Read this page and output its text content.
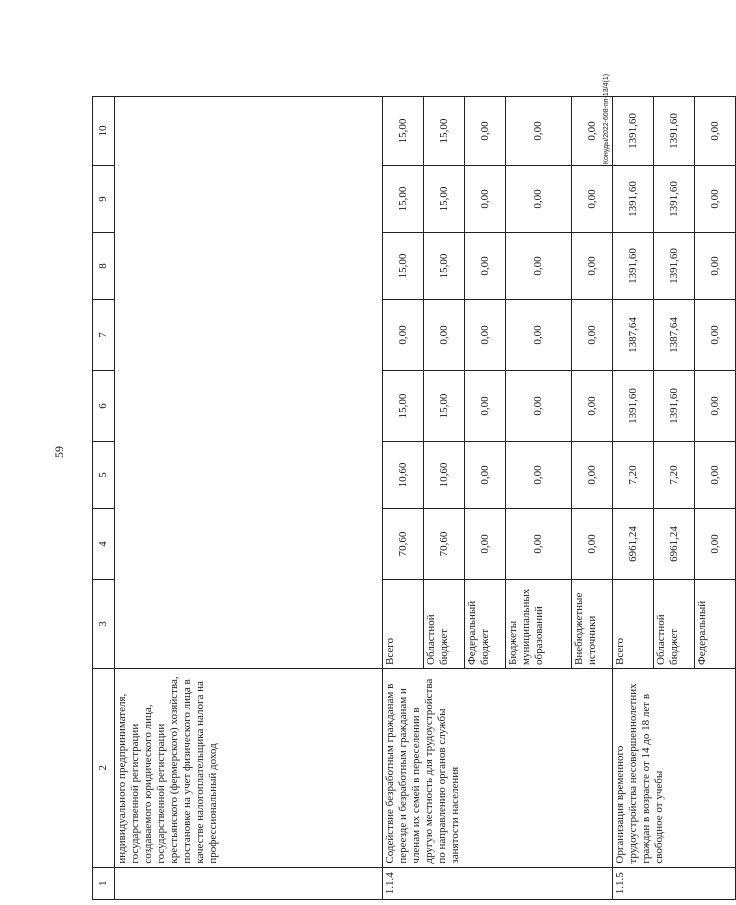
59
Конуды/2022-608-пп-13/4(1)
1	2	3	4	5	6	7	8	9	10
	индивидуального предпринимателя, государственной регистрации создаваемого юридического лица, государственной регистрации крестьянского (фермерского) хозяйства, постановке на учет физического лица в качестве налогоплательщика налога на профессиональный доход								
1.1.4	Содействие безработным гражданам в переезде и безработным гражданам и членам их семей в переселении в другую местность для трудоустройства по направлению органов службы занятости населения	Всего	70,60	10,60	15,00	0,00	15,00	15,00	15,00
		Областной бюджет	70,60	10,60	15,00	0,00	15,00	15,00	15,00
		Федеральный бюджет	0,00	0,00	0,00	0,00	0,00	0,00	0,00
		Бюджеты муниципальных образований	0,00	0,00	0,00	0,00	0,00	0,00	0,00
		Внебюджетные источники	0,00	0,00	0,00	0,00	0,00	0,00	0,00
1.1.5	Организация временного трудоустройства несовершеннолетних граждан в возрасте от 14 до 18 лет в свободное от учебы	Всего	6961,24	7,20	1391,60	1387,64	1391,60	1391,60	1391,60
		Областной бюджет	6961,24	7,20	1391,60	1387,64	1391,60	1391,60	1391,60
		Федеральный	0,00	0,00	0,00	0,00	0,00	0,00	0,00
